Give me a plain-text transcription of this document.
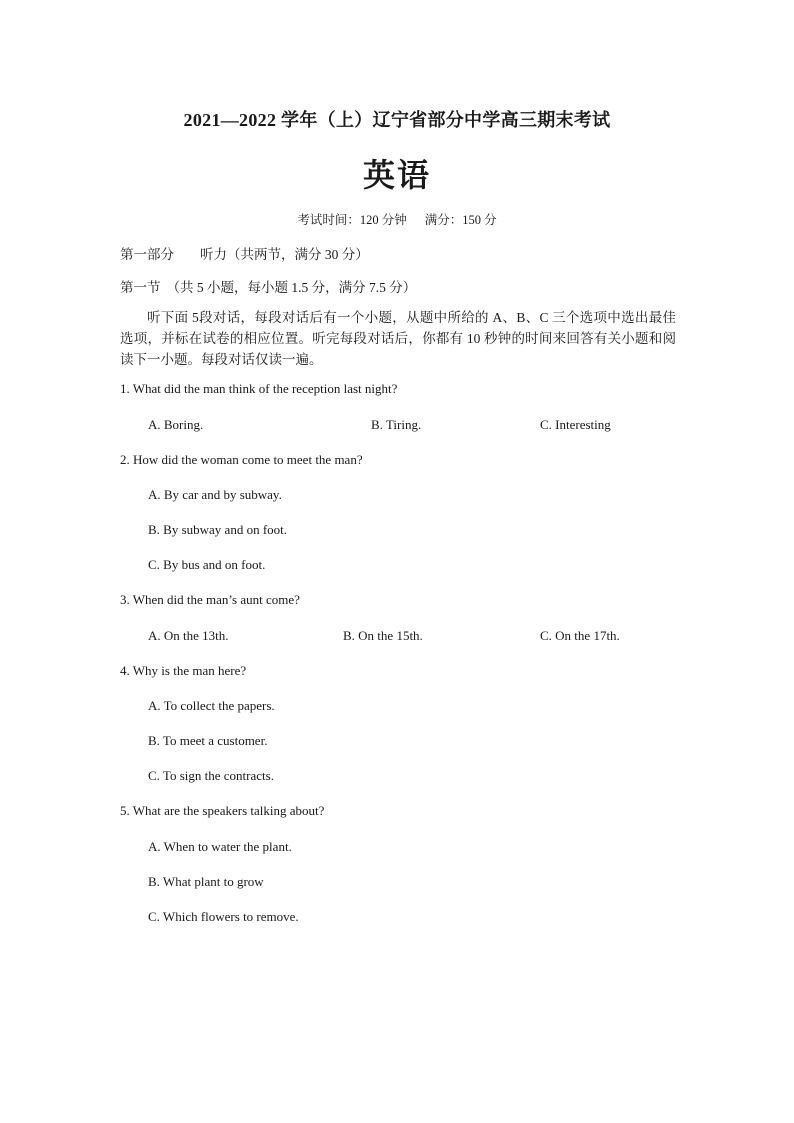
2021—2022 学年（上）辽宁省部分中学高三期末考试
英语
考试时间：120 分钟 满分：150 分
第一部分 听力（共两节，满分 30 分）
第一节 （共 5 小题，每小题 1.5 分，满分 7.5 分）
听下面 5段对话，每段对话后有一个小题，从题中所给的 A、B、C 三个选项中选出最佳选项，并标在试卷的相应位置。听完每段对话后，你都有 10 秒钟的时间来回答有关小题和阅读下一小题。每段对话仅读一遍。
1. What did the man think of the reception last night?
A. Boring.	B. Tiring.	C. Interesting
2. How did the woman come to meet the man?
A. By car and by subway.
B. By subway and on foot.
C. By bus and on foot.
3. When did the man’s aunt come?
A. On the 13th.	B. On the 15th.	C. On the 17th.
4. Why is the man here?
A. To collect the papers.
B. To meet a customer.
C. To sign the contracts.
5. What are the speakers talking about?
A. When to water the plant.
B. What plant to grow
C. Which flowers to remove.
